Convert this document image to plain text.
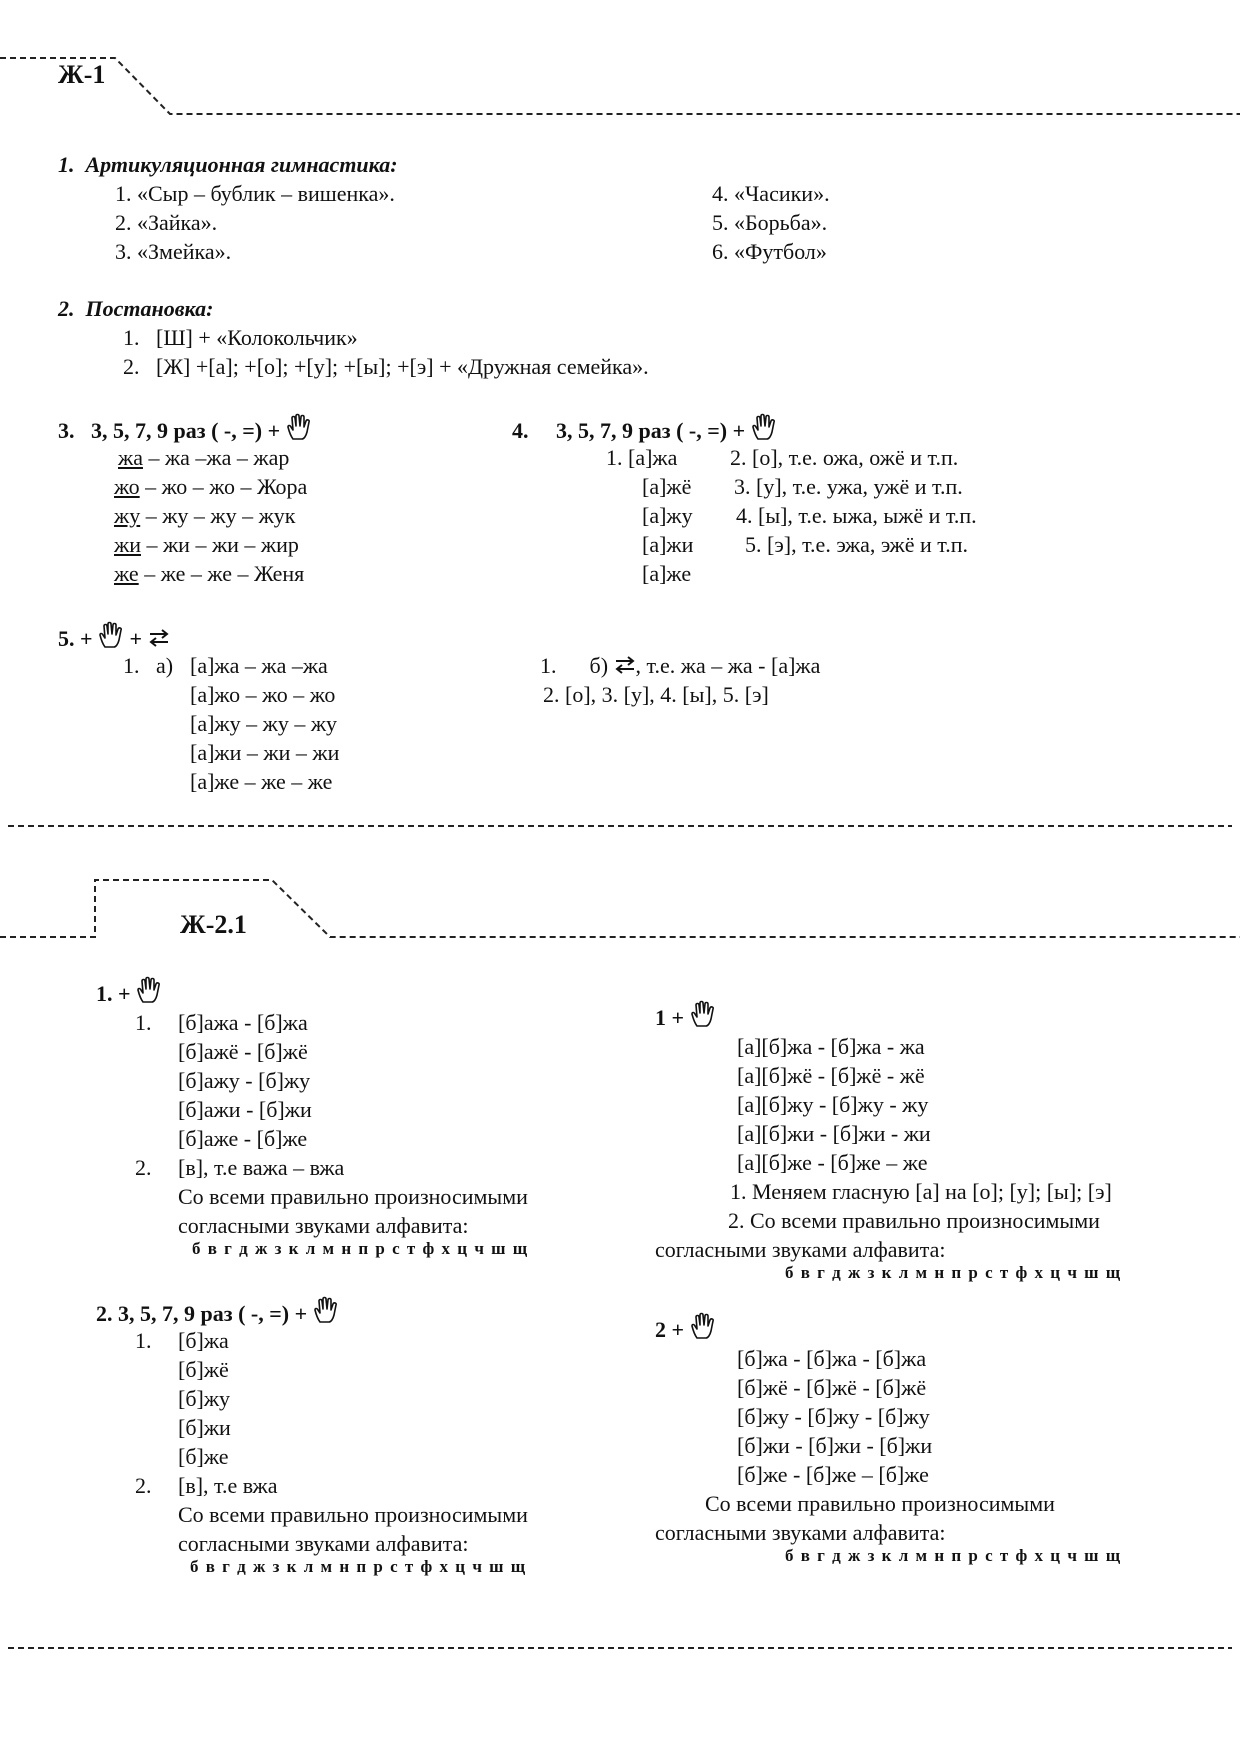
Ж-1
1. Артикуляционная гимнастика:
1. «Сыр – бублик – вишенка».
2. «Зайка».
3. «Змейка».
4. «Часики».
5. «Борьба».
6. «Футбол»
2. Постановка:
1. [Ш] + «Колокольчик»
2. [Ж] +[а]; +[о]; +[у]; +[ы]; +[э] + «Дружная семейка».
3. 3, 5, 7, 9 раз ( -, =) +
жа – жа –жа – жар
жо – жо – жо – Жора
жу – жу – жу – жук
жи – жи – жи – жир
же – же – же – Женя
4. 3, 5, 7, 9 раз ( -, =) +
1. [а]жа
[а]жё
[а]жу
[а]жи
[а]же
2. [о], т.е. ожа, ожё и т.п.
3. [у], т.е. ужа, ужё и т.п.
4. [ы], т.е. ыжа, ыжё и т.п.
5. [э], т.е. эжа, эжё и т.п.
5. +  +
1. а) [а]жа – жа –жа
[а]жо – жо – жо
[а]жу – жу – жу
[а]жи – жи – жи
[а]же – же – же
1. б) , т.е. жа – жа - [а]жа
2. [о], 3. [у], 4. [ы], 5. [э]
Ж-2.1
1. +
1. [б]ажа - [б]жа
[б]ажё - [б]жё
[б]ажу - [б]жу
[б]ажи - [б]жи
[б]аже - [б]же
2. [в], т.е важа – вжа
Со всеми правильно произносимыми
согласными звуками алфавита:
б в г д ж з к л м н п р с т ф х ц ч ш щ
2. 3, 5, 7, 9 раз ( -, =) +
1. [б]жа
[б]жё
[б]жу
[б]жи
[б]же
2. [в], т.е вжа
Со всеми правильно произносимыми
согласными звуками алфавита:
б в г д ж з к л м н п р с т ф х ц ч ш щ
1 +
[а][б]жа - [б]жа - жа
[а][б]жё - [б]жё - жё
[а][б]жу - [б]жу - жу
[а][б]жи - [б]жи - жи
[а][б]же - [б]же – же
1. Меняем гласную [а] на [о]; [у]; [ы]; [э]
2. Со всеми правильно произносимыми
согласными звуками алфавита:
б в г д ж з к л м н п р с т ф х ц ч ш щ
2 +
[б]жа - [б]жа - [б]жа
[б]жё - [б]жё - [б]жё
[б]жу - [б]жу - [б]жу
[б]жи - [б]жи - [б]жи
[б]же - [б]же – [б]же
Со всеми правильно произносимыми
согласными звуками алфавита:
б в г д ж з к л м н п р с т ф х ц ч ш щ
